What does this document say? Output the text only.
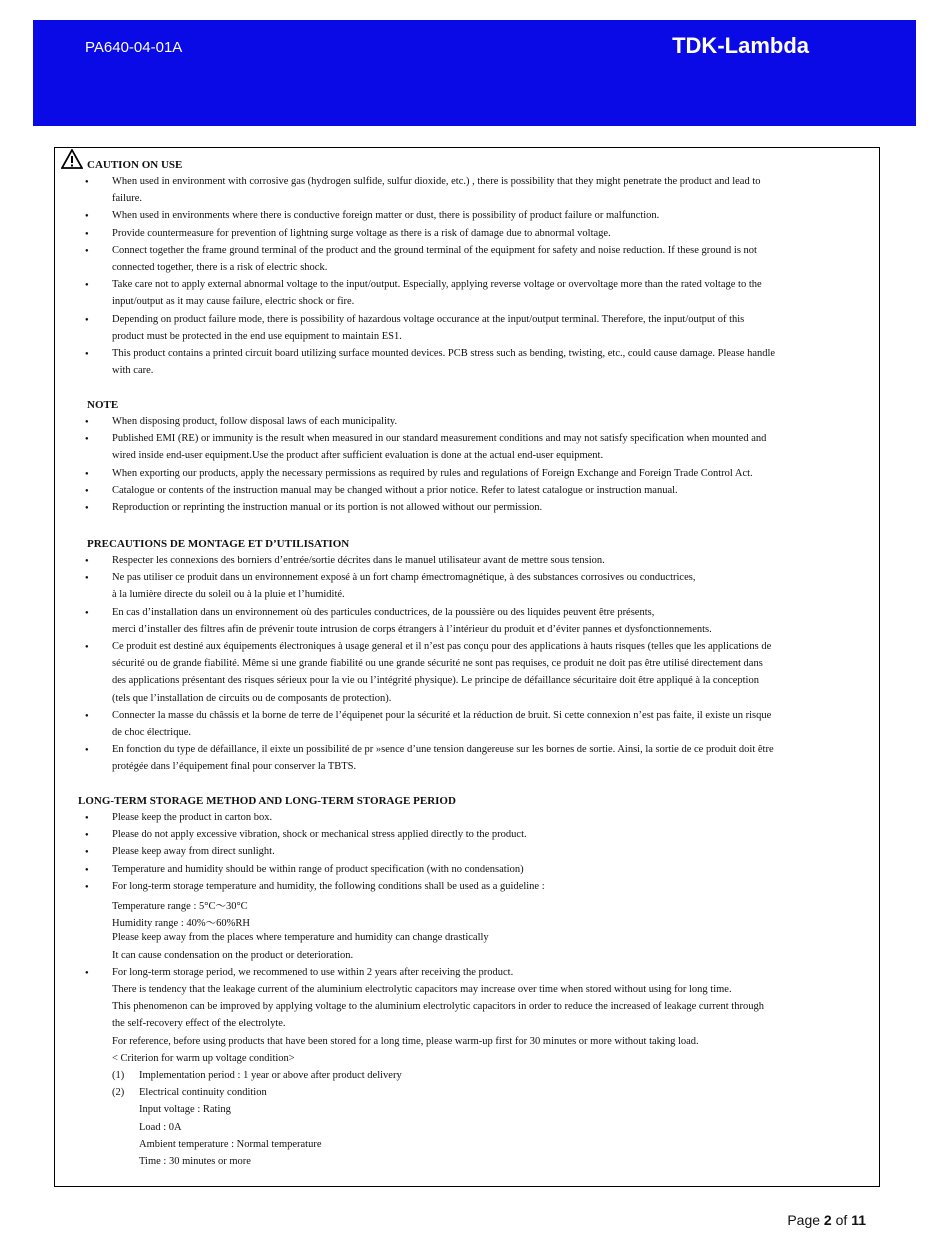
PA640-04-01A	TDK-Lambda
CAUTION ON USE
● When used in environment with corrosive gas (hydrogen sulfide, sulfur dioxide, etc.) , there is possibility that they might penetrate the product and lead to
failure.
● When used in environments where there is conductive foreign matter or dust, there is possibility of product failure or malfunction.
● Provide countermeasure for prevention of lightning surge voltage as there is a risk of damage due to abnormal voltage.
● Connect together the frame ground terminal of the product and the ground terminal of the equipment for safety and noise reduction. If these ground is not
connected together, there is a risk of electric shock.
● Take care not to apply external abnormal voltage to the input/output. Especially, applying reverse voltage or overvoltage more than the rated voltage to the
input/output as it may cause failure, electric shock or fire.
● Depending on product failure mode, there is possibility of hazardous voltage occurance at the input/output terminal. Therefore, the input/output of this
product must be protected in the end use equipment to maintain ES1.
● This product contains a printed circuit board utilizing surface mounted devices. PCB stress such as bending, twisting, etc., could cause damage. Please handle
with care.
NOTE
● When disposing product, follow disposal laws of each municipality.
● Published EMI (RE) or immunity is the result when measured in our standard measurement conditions and may not satisfy specification when mounted and
wired inside end-user equipment.Use the product after sufficient evaluation is done at the actual end-user equipment.
● When exporting our products, apply the necessary permissions as required by rules and regulations of Foreign Exchange and Foreign Trade Control Act.
● Catalogue or contents of the instruction manual may be changed without a prior notice. Refer to latest catalogue or instruction manual.
● Reproduction or reprinting the instruction manual or its portion is not allowed without our permission.
PRECAUTIONS DE MONTAGE ET D’UTILISATION
● Respecter les connexions des borniers d’entrée/sortie décrites dans le manuel utilisateur avant de mettre sous tension.
● Ne pas utiliser ce produit dans un environnement exposé à un fort champ émectromagnétique, à des substances corrosives ou conductrices,
à la lumière directe du soleil ou à la pluie et l’humidité.
● En cas d’installation dans un environnement où des particules conductrices, de la poussière ou des liquides peuvent être présents,
merci d’installer des filtres afin de prévenir toute intrusion de corps étrangers à l’intérieur du produit et d’éviter pannes et dysfonctionnements.
● Ce produit est destiné aux équipements électroniques à usage general et il n’est pas conçu pour des applications à hauts risques (telles que les applications de
sécurité ou de grande fiabilité. Même si une grande fiabilité ou une grande sécurité ne sont pas requises, ce produit ne doit pas être utilisé directement dans
des applications présentant des risques sérieux pour la vie ou l’intégrité physique). Le principe de défaillance sécuritaire doit être appliqué à la conception
(tels que l’installation de circuits ou de composants de protection).
● Connecter la masse du châssis et la borne de terre de l’équipenet pour la sécurité et la réduction de bruit. Si cette connexion n’est pas faite, il existe un risque
de choc électrique.
● En fonction du type de défaillance, il eixte un possibilité de pr »sence d’une tension dangereuse sur les bornes de sortie. Ainsi, la sortie de ce produit doit être
protégée dans l’équipement final pour conserver la TBTS.
LONG-TERM STORAGE METHOD AND LONG-TERM STORAGE PERIOD
● Please keep the product in carton box.
● Please do not apply excessive vibration, shock or mechanical stress applied directly to the product.
● Please keep away from direct sunlight.
● Temperature and humidity should be within range of product specification (with no condensation)
● For long-term storage temperature and humidity, the following conditions shall be used as a guideline :
Temperature range : 5°C～30°C
Humidity range : 40%～60%RH
Please keep away from the places where temperature and humidity can change drastically
It can cause condensation on the product or deterioration.
● For long-term storage period, we recommened to use within 2 years after receiving the product.
There is tendency that the leakage current of the aluminium electrolytic capacitors may increase over time when stored without using for long time.
This phenomenon can be improved by applying voltage to the aluminium electrolytic capacitors in order to reduce the increased of leakage current through
the self-recovery effect of the electrolyte.
For reference, before using products that have been stored for a long time, please warm-up first for 30 minutes or more without taking load.
< Criterion for warm up voltage condition>
(1) Implementation period : 1 year or above after product delivery
(2) Electrical continuity condition
Input voltage : Rating
Load : 0A
Ambient temperature : Normal temperature
Time : 30 minutes or more
Page 2 of 11
